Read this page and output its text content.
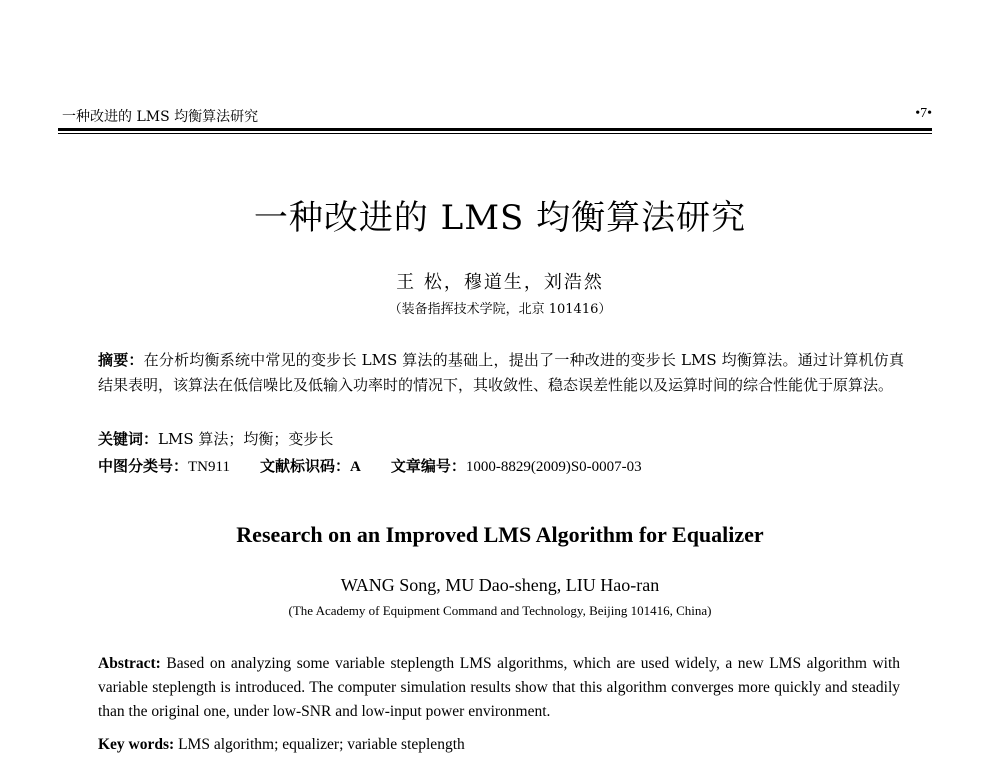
一种改进的 LMS 均衡算法研究	•7•
一种改进的 LMS 均衡算法研究
王 松，穆道生，刘浩然
（装备指挥技术学院，北京 101416）
摘要：在分析均衡系统中常见的变步长 LMS 算法的基础上，提出了一种改进的变步长 LMS 均衡算法。通过计算机仿真结果表明，该算法在低信噪比及低输入功率时的情况下，其收敛性、稳态误差性能以及运算时间的综合性能优于原算法。
关键词：LMS 算法；均衡；变步长
中图分类号：TN911 文献标识码：A 文章编号：1000-8829(2009)S0-0007-03
Research on an Improved LMS Algorithm for Equalizer
WANG Song, MU Dao-sheng, LIU Hao-ran
(The Academy of Equipment Command and Technology, Beijing 101416, China)
Abstract: Based on analyzing some variable steplength LMS algorithms, which are used widely, a new LMS algorithm with variable steplength is introduced. The computer simulation results show that this algorithm converges more quickly and steadily than the original one, under low-SNR and low-input power environment.
Key words: LMS algorithm; equalizer; variable steplength
